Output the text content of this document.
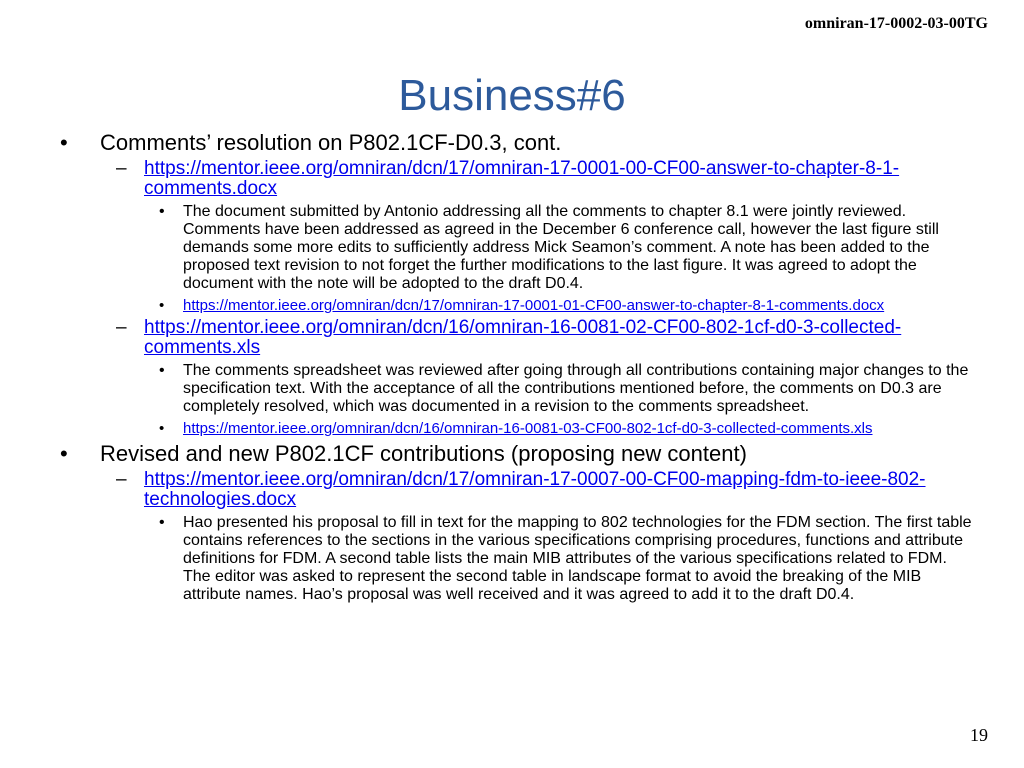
omniran-17-0002-03-00TG
Business#6
• Comments’ resolution on P802.1CF-D0.3, cont.
– https://mentor.ieee.org/omniran/dcn/17/omniran-17-0001-00-CF00-answer-to-chapter-8-1-comments.docx
• The document submitted by Antonio addressing all the comments to chapter 8.1 were jointly reviewed. Comments have been addressed as agreed in the December 6 conference call, however the last figure still demands some more edits to sufficiently address Mick Seamon’s comment. A note has been added to the proposed text revision to not forget the further modifications to the last figure. It was agreed to adopt the document with the note will be adopted to the draft D0.4.
• https://mentor.ieee.org/omniran/dcn/17/omniran-17-0001-01-CF00-answer-to-chapter-8-1-comments.docx
– https://mentor.ieee.org/omniran/dcn/16/omniran-16-0081-02-CF00-802-1cf-d0-3-collected-comments.xls
• The comments spreadsheet was reviewed after going through all contributions containing major changes to the specification text. With the acceptance of all the contributions mentioned before, the comments on D0.3 are completely resolved, which was documented in a revision to the comments spreadsheet.
• https://mentor.ieee.org/omniran/dcn/16/omniran-16-0081-03-CF00-802-1cf-d0-3-collected-comments.xls
• Revised and new P802.1CF contributions (proposing new content)
– https://mentor.ieee.org/omniran/dcn/17/omniran-17-0007-00-CF00-mapping-fdm-to-ieee-802-technologies.docx
• Hao presented his proposal to fill in text for the mapping to 802 technologies for the FDM section. The first table contains references to the sections in the various specifications comprising procedures, functions and attribute definitions for FDM. A second table lists the main MIB attributes of the various specifications related to FDM. The editor was asked to represent the second table in landscape format to avoid the breaking of the MIB attribute names. Hao’s proposal was well received and it was agreed to add it to the draft D0.4.
19
